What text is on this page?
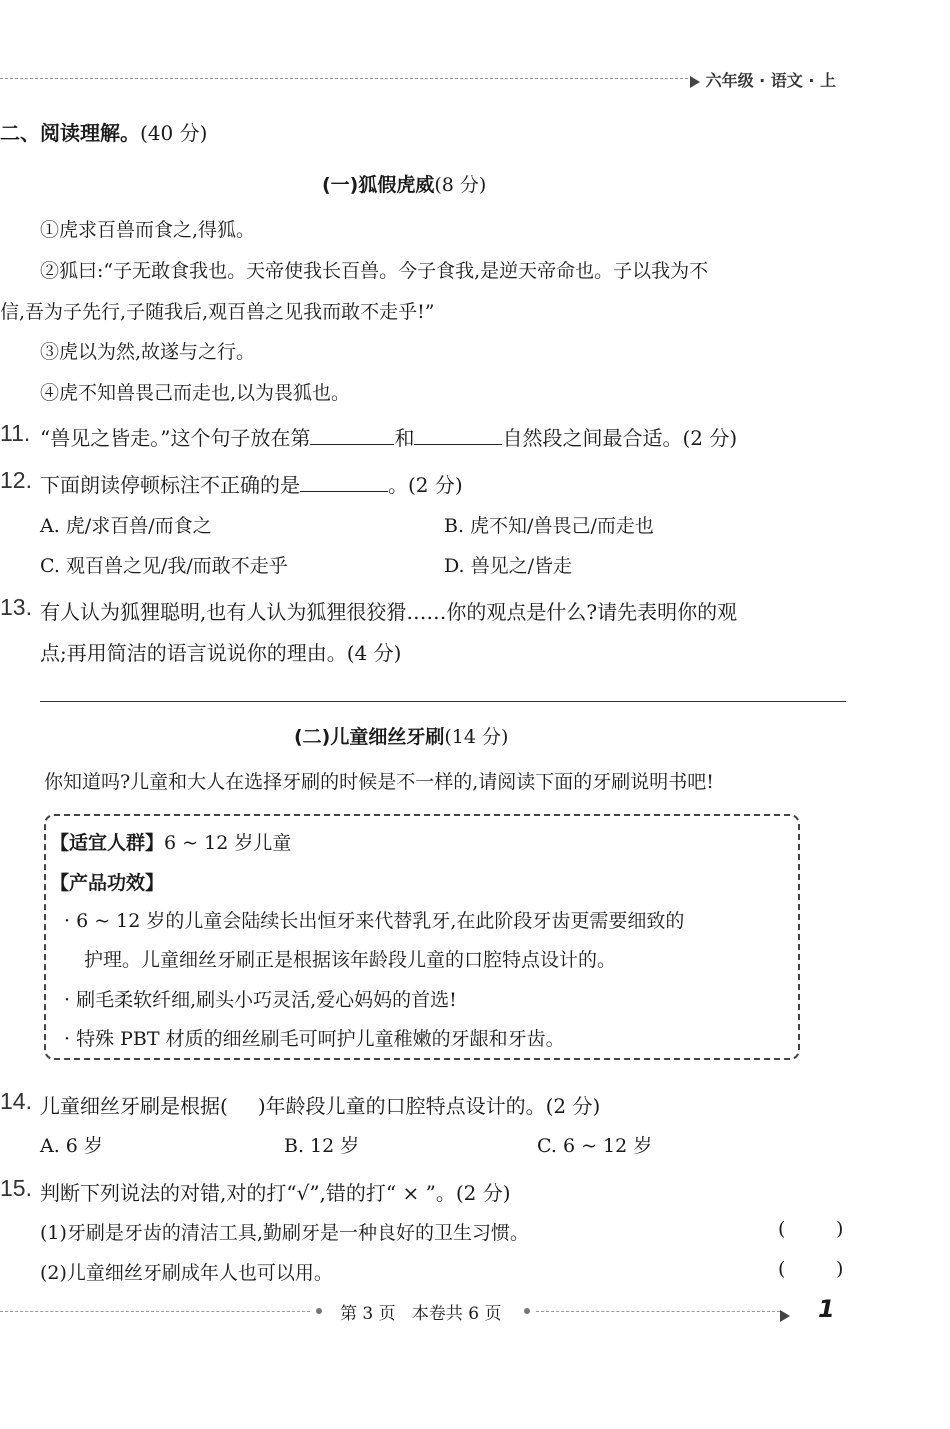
六年级 · 语文 · 上
二、阅读理解。(40 分)
(一)狐假虎威(8 分)
①虎求百兽而食之,得狐。
②狐曰:“子无敢食我也。天帝使我长百兽。今子食我,是逆天帝命也。子以我为不
信,吾为子先行,子随我后,观百兽之见我而敢不走乎!”
③虎以为然,故遂与之行。
④虎不知兽畏己而走也,以为畏狐也。
11. “兽见之皆走。”这个句子放在第	和	自然段之间最合适。(2 分)
12. 下面朗读停顿标注不正确的是	。(2 分)
A. 虎/求百兽/而食之	B. 虎不知/兽畏己/而走也
C. 观百兽之见/我/而敢不走乎	D. 兽见之/皆走
13. 有人认为狐狸聪明,也有人认为狐狸很狡猾……你的观点是什么?请先表明你的观
点;再用简洁的语言说说你的理由。(4 分)
(二)儿童细丝牙刷(14 分)
你知道吗?儿童和大人在选择牙刷的时候是不一样的,请阅读下面的牙刷说明书吧!
【适宜人群】6 ~ 12 岁儿童
【产品功效】
· 6 ~ 12 岁的儿童会陆续长出恒牙来代替乳牙,在此阶段牙齿更需要细致的
护理。儿童细丝牙刷正是根据该年龄段儿童的口腔特点设计的。
· 刷毛柔软纤细,刷头小巧灵活,爱心妈妈的首选!
· 特殊 PBT 材质的细丝刷毛可呵护儿童稚嫩的牙龈和牙齿。
14. 儿童细丝牙刷是根据( )年龄段儿童的口腔特点设计的。(2 分)
A. 6 岁	B. 12 岁	C. 6 ~ 12 岁
15. 判断下列说法的对错,对的打“√”,错的打“ × ”。(2 分)
(1)牙刷是牙齿的清洁工具,勤刷牙是一种良好的卫生习惯。	(	)
(2)儿童细丝牙刷成年人也可以用。	(	)
第 3 页   本卷共 6 页	1
